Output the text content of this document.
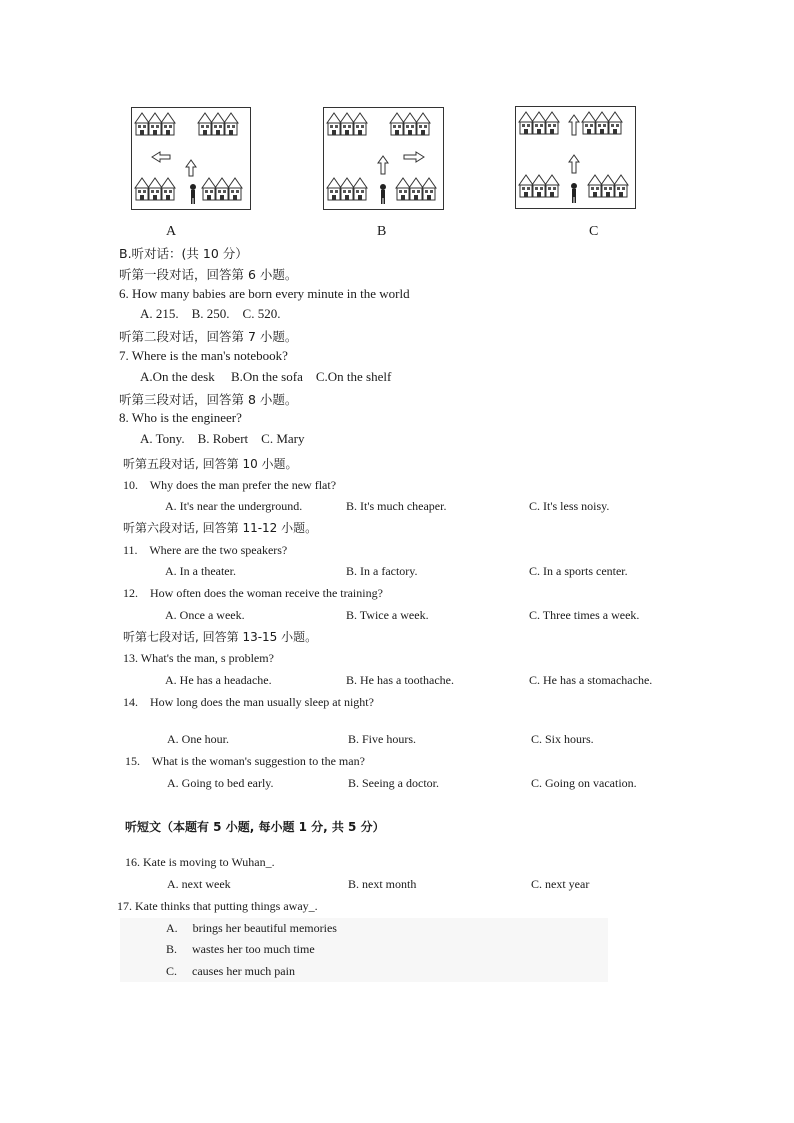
A	B	C
B.听对话：(共 10 分）
听第一段对话，回答第 6 小题。
6. How many babies are born every minute in the world
A. 215.    B. 250.    C. 520.
听第二段对话，回答第 7 小题。
7. Where is the man's notebook?
A.On the desk     B.On the sofa    C.On the shelf
听第三段对话，回答第 8 小题。
8. Who is the engineer?
A. Tony.    B. Robert    C. Mary
听第五段对话, 回答第 10 小题。
10.    Why does the man prefer the new flat?
A. It's near the underground.	B. It's much cheaper.	C. It's less noisy.
听第六段对话, 回答第 11-12 小题。
11.    Where are the two speakers?
A. In a theater.	B. In a factory.	C. In a sports center.
12.    How often does the woman receive the training?
A. Once a week.	B. Twice a week.	C. Three times a week.
听第七段对话, 回答第 13-15 小题。
13. What's the man, s problem?
A. He has a headache.	B. He has a toothache.	C. He has a stomachache.
14.    How long does the man usually sleep at night?
A. One hour.	B. Five hours.	C. Six hours.
15.    What is the woman's suggestion to the man?
A. Going to bed early.	B. Seeing a doctor.	C. Going on vacation.
听短文（本题有 5 小题, 每小题 1 分, 共 5 分）
16. Kate is moving to Wuhan_.
A. next week	B. next month	C. next year
17. Kate thinks that putting things away_.
A.     brings her beautiful memories
B.     wastes her too much time
C.     causes her much pain
